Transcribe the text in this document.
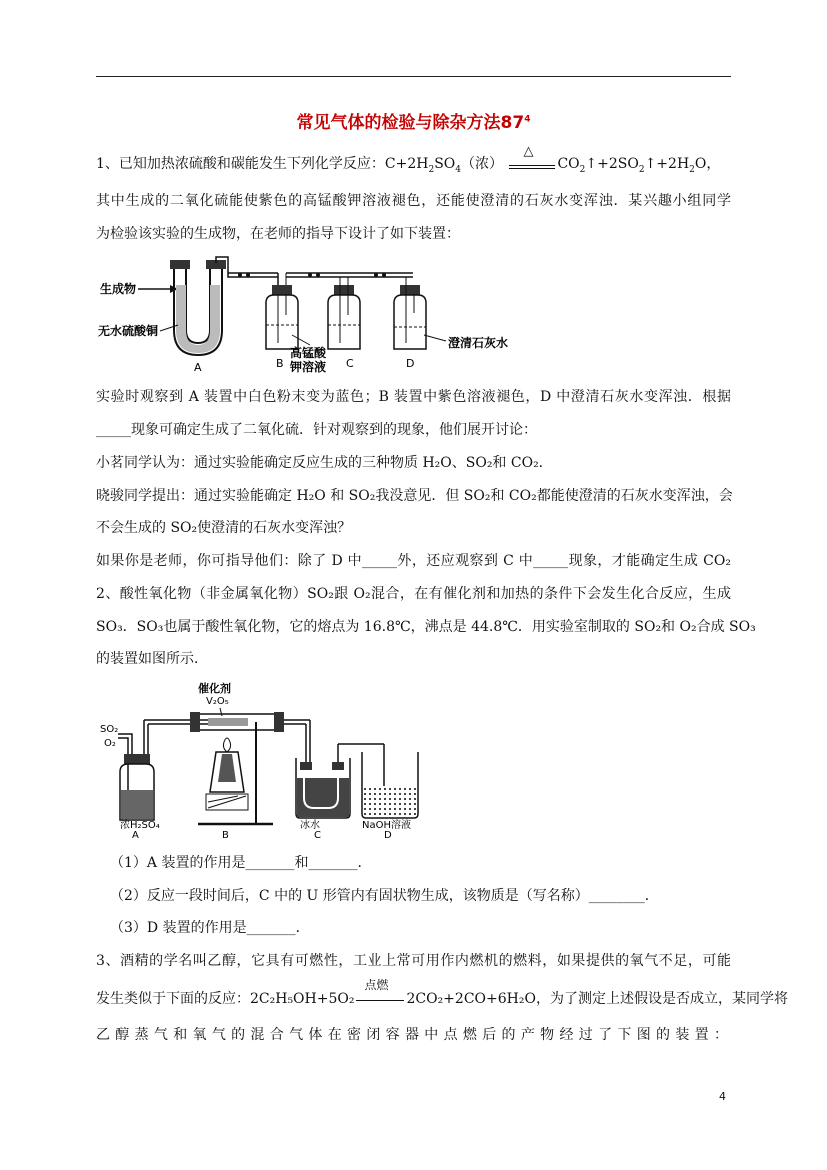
常见气体的检验与除杂方法$87^4$
1、已知加热浓硫酸和碳能发生下列化学反应：$C+2H_2SO_4$（浓）
△
$CO_2↑+2SO_2↑+2H_2O$，
其中生成的二氧化硫能使紫色的高锰酸钾溶液褪色，还能使澄清的石灰水变浑浊．某兴趣小组同学
为检验该实验的生成物，在老师的指导下设计了如下装置：
生成物
无水硫酸铜
A	B	C	D
高锰酸
钾溶液
澄清石灰水
实验时观察到 A 装置中白色粉末变为蓝色；B 装置中紫色溶液褪色，D 中澄清石灰水变浑浊．根据
_____现象可确定生成了二氧化硫．针对观察到的现象，他们展开讨论：
小茗同学认为：通过实验能确定反应生成的三种物质 H₂O、SO₂和 CO₂．
晓骏同学提出：通过实验能确定 H₂O 和 SO₂我没意见．但 SO₂和 CO₂都能使澄清的石灰水变浑浊，会
不会生成的 SO₂使澄清的石灰水变浑浊？
如果你是老师，你可指导他们：除了 D 中_____外，还应观察到 C 中_____现象，才能确定生成 CO₂
2、酸性氧化物（非金属氧化物）SO₂跟 O₂混合，在有催化剂和加热的条件下会发生化合反应，生成
SO₃．SO₃也属于酸性氧化物，它的熔点为 16.8℃，沸点是 44.8℃．用实验室制取的 SO₂和 O₂合成 SO₃
的装置如图所示．
SO₂
O₂
浓H₂SO₄
A
催化剂
V₂O₅
B
冰水
C
NaOH溶液
D
（1）A 装置的作用是_______和_______．
（2）反应一段时间后，C 中的 U 形管内有固状物生成，该物质是（写名称）________．
（3）D 装置的作用是_______．
3、酒精的学名叫乙醇，它具有可燃性，工业上常可用作内燃机的燃料，如果提供的氧气不足，可能
发生类似于下面的反应：2C₂H₅OH+5O₂
点燃
2CO₂+2CO+6H₂O，为了测定上述假设是否成立，某同学将
乙醇蒸气和氧气的混合气体在密闭容器中点燃后的产物经过了下图的装置：
4
